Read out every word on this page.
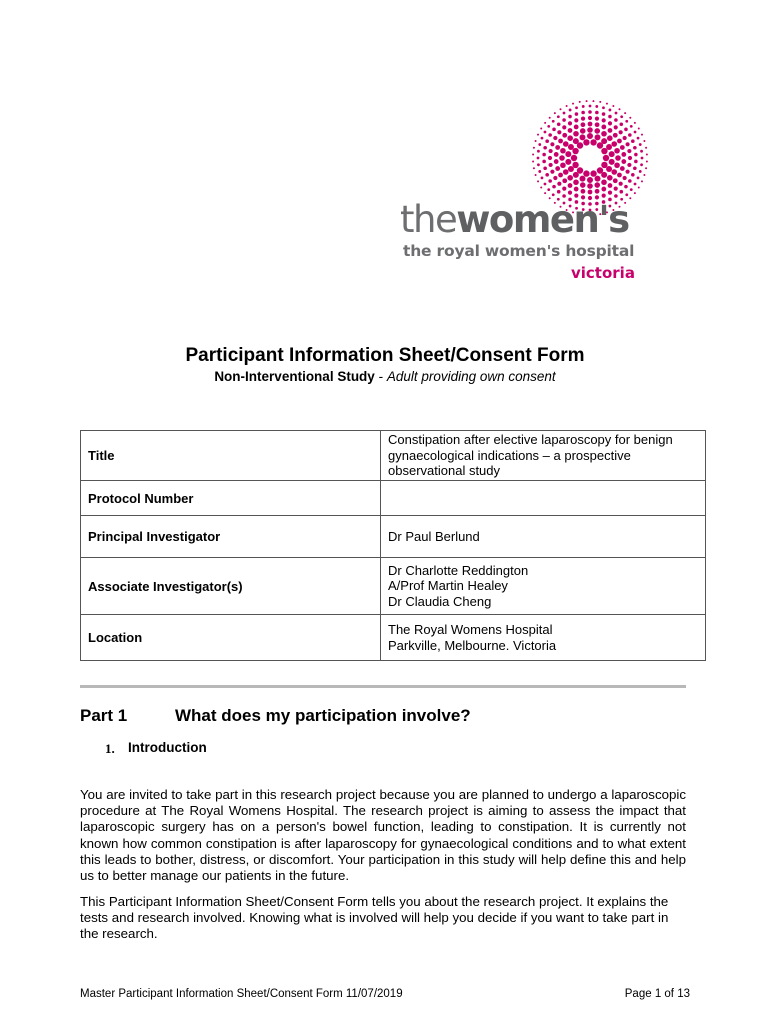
thewomen's
the royal women's hospital
victoria
Participant Information Sheet/Consent Form
Non-Interventional Study - Adult providing own consent
Title	Constipation after elective laparoscopy for benign
gynaecological indications – a prospective
observational study

Protocol Number	
Principal Investigator	Dr Paul Berlund
Associate Investigator(s)	Dr Charlotte Reddington
A/Prof Martin Healey
Dr Claudia Cheng

Location	The Royal Womens Hospital
Parkville, Melbourne. Victoria
Part 1	What does my participation involve?
1. Introduction
You are invited to take part in this research project because you are planned to undergo a laparoscopic procedure at The Royal Womens Hospital. The research project is aiming to assess the impact that laparoscopic surgery has on a person's bowel function, leading to constipation. It is currently not known how common constipation is after laparoscopy for gynaecological conditions and to what extent this leads to bother, distress, or discomfort. Your participation in this study will help define this and help us to better manage our patients in the future.
This Participant Information Sheet/Consent Form tells you about the research project. It explains the tests and research involved. Knowing what is involved will help you decide if you want to take part in the research.
Master Participant Information Sheet/Consent Form 11/07/2019	Page 1 of 13
